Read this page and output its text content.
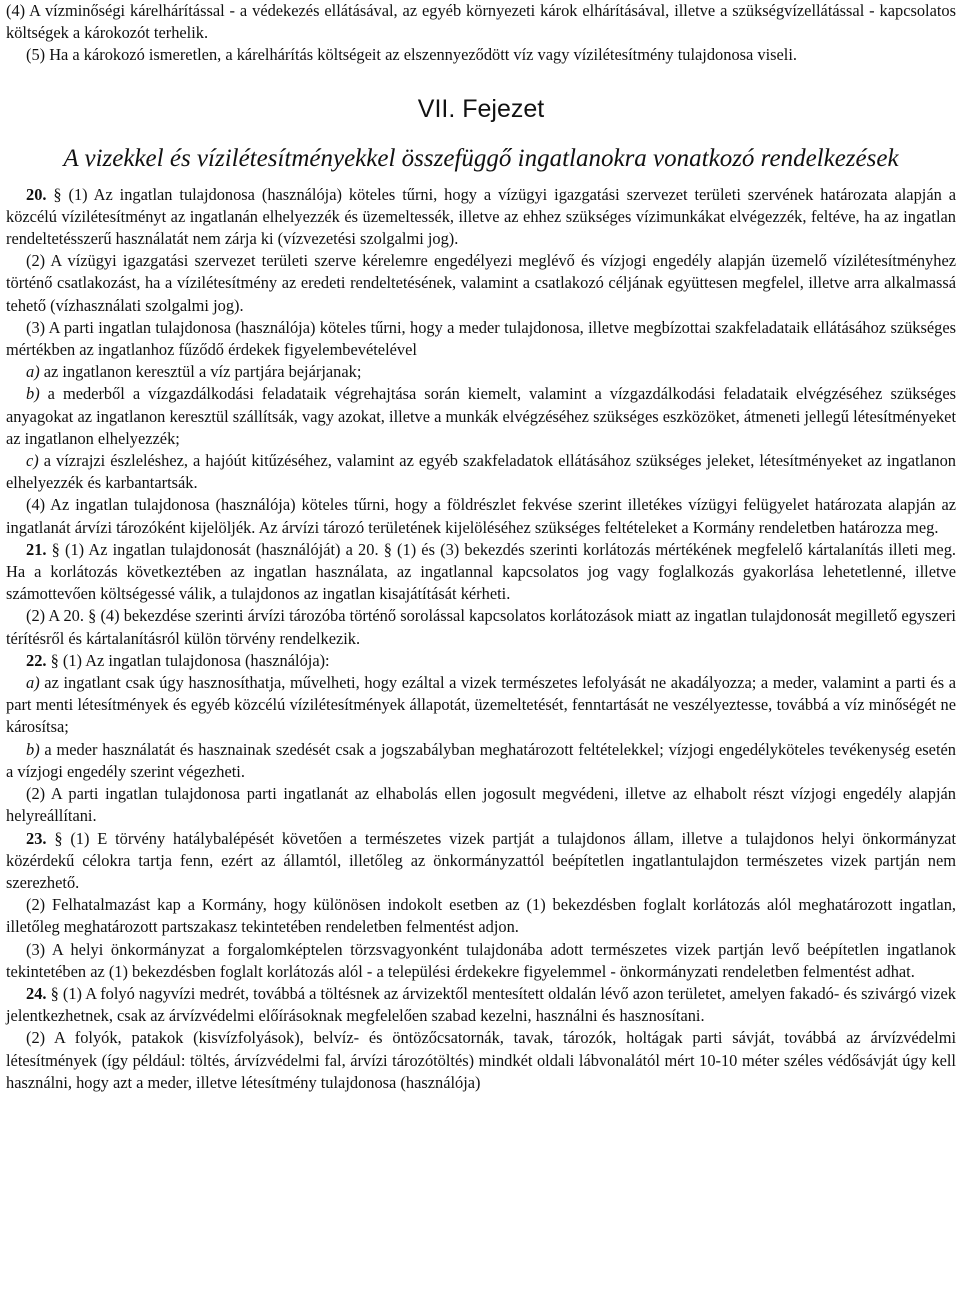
(4) A vízminőségi kárelhárítással - a védekezés ellátásával, az egyéb környezeti károk elhárításával, illetve a szükségvízellátással - kapcsolatos költségek a károkozót terhelik.
(5) Ha a károkozó ismeretlen, a kárelhárítás költségeit az elszennyeződött víz vagy vízilétesítmény tulajdonosa viseli.
VII. Fejezet
A vizekkel és vízilétesítményekkel összefüggő ingatlanokra vonatkozó rendelkezések
20. § (1) Az ingatlan tulajdonosa (használója) köteles tűrni, hogy a vízügyi igazgatási szervezet területi szervének határozata alapján a közcélú vízilétesítményt az ingatlanán elhelyezzék és üzemeltessék, illetve az ehhez szükséges vízimunkákat elvégezzék, feltéve, ha az ingatlan rendeltetésszerű használatát nem zárja ki (vízvezetési szolgalmi jog).
(2) A vízügyi igazgatási szervezet területi szerve kérelemre engedélyezi meglévő és vízjogi engedély alapján üzemelő vízilétesítményhez történő csatlakozást, ha a vízilétesítmény az eredeti rendeltetésének, valamint a csatlakozó céljának együttesen megfelel, illetve arra alkalmassá tehető (vízhasználati szolgalmi jog).
(3) A parti ingatlan tulajdonosa (használója) köteles tűrni, hogy a meder tulajdonosa, illetve megbízottai szakfeladataik ellátásához szükséges mértékben az ingatlanhoz fűződő érdekek figyelembevételével
a) az ingatlanon keresztül a víz partjára bejárjanak;
b) a mederből a vízgazdálkodási feladataik végrehajtása során kiemelt, valamint a vízgazdálkodási feladataik elvégzéséhez szükséges anyagokat az ingatlanon keresztül szállítsák, vagy azokat, illetve a munkák elvégzéséhez szükséges eszközöket, átmeneti jellegű létesítményeket az ingatlanon elhelyezzék;
c) a vízrajzi észleléshez, a hajóút kitűzéséhez, valamint az egyéb szakfeladatok ellátásához szükséges jeleket, létesítményeket az ingatlanon elhelyezzék és karbantartsák.
(4) Az ingatlan tulajdonosa (használója) köteles tűrni, hogy a földrészlet fekvése szerint illetékes vízügyi felügyelet határozata alapján az ingatlanát árvízi tározóként kijelöljék. Az árvízi tározó területének kijelöléséhez szükséges feltételeket a Kormány rendeletben határozza meg.
21. § (1) Az ingatlan tulajdonosát (használóját) a 20. § (1) és (3) bekezdés szerinti korlátozás mértékének megfelelő kártalanítás illeti meg. Ha a korlátozás következtében az ingatlan használata, az ingatlannal kapcsolatos jog vagy foglalkozás gyakorlása lehetetlenné, illetve számottevően költségessé válik, a tulajdonos az ingatlan kisajátítását kérheti.
(2) A 20. § (4) bekezdése szerinti árvízi tározóba történő sorolással kapcsolatos korlátozások miatt az ingatlan tulajdonosát megillető egyszeri térítésről és kártalanításról külön törvény rendelkezik.
22. § (1) Az ingatlan tulajdonosa (használója):
a) az ingatlant csak úgy hasznosíthatja, művelheti, hogy ezáltal a vizek természetes lefolyását ne akadályozza; a meder, valamint a parti és a part menti létesítmények és egyéb közcélú vízilétesítmények állapotát, üzemeltetését, fenntartását ne veszélyeztesse, továbbá a víz minőségét ne károsítsa;
b) a meder használatát és hasznainak szedését csak a jogszabályban meghatározott feltételekkel; vízjogi engedélyköteles tevékenység esetén a vízjogi engedély szerint végezheti.
(2) A parti ingatlan tulajdonosa parti ingatlanát az elhabolás ellen jogosult megvédeni, illetve az elhabolt részt vízjogi engedély alapján helyreállítani.
23. § (1) E törvény hatálybalépését követően a természetes vizek partját a tulajdonos állam, illetve a tulajdonos helyi önkormányzat közérdekű célokra tartja fenn, ezért az államtól, illetőleg az önkormányzattól beépítetlen ingatlantulajdon természetes vizek partján nem szerezhető.
(2) Felhatalmazást kap a Kormány, hogy különösen indokolt esetben az (1) bekezdésben foglalt korlátozás alól meghatározott ingatlan, illetőleg meghatározott partszakasz tekintetében rendeletben felmentést adjon.
(3) A helyi önkormányzat a forgalomképtelen törzsvagyonként tulajdonába adott természetes vizek partján levő beépítetlen ingatlanok tekintetében az (1) bekezdésben foglalt korlátozás alól - a települési érdekekre figyelemmel - önkormányzati rendeletben felmentést adhat.
24. § (1) A folyó nagyvízi medrét, továbbá a töltésnek az árvizektől mentesített oldalán lévő azon területet, amelyen fakadó- és szivárgó vizek jelentkezhetnek, csak az árvízvédelmi előírásoknak megfelelően szabad kezelni, használni és hasznosítani.
(2) A folyók, patakok (kisvízfolyások), belvíz- és öntözőcsatornák, tavak, tározók, holtágak parti sávját, továbbá az árvízvédelmi létesítmények (így például: töltés, árvízvédelmi fal, árvízi tározótöltés) mindkét oldali lábvonalától mért 10-10 méter széles védősávját úgy kell használni, hogy azt a meder, illetve létesítmény tulajdonosa (használója)
